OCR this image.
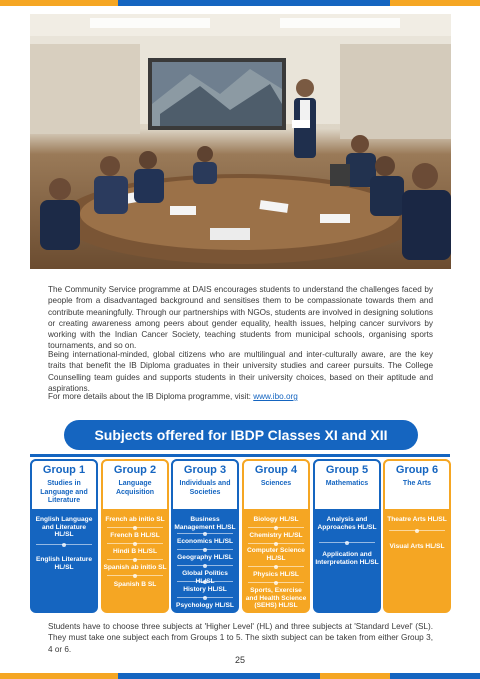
The Community Service programme at DAIS encourages students to understand the challenges faced by people from a disadvantaged background and sensitises them to be compassionate towards them and contribute meaningfully. Through our partnerships with NGOs, students are involved in designing solutions or creating awareness among peers about gender equality, health issues, helping cancer survivors by working with the Indian Cancer Society, teaching students from municipal schools, organising sports tournaments, and so on.

Being international-minded, global citizens who are multilingual and inter-culturally aware, are the key traits that benefit the IB Diploma graduates in their university studies and career pursuits. The College Counselling team guides and supports students in their university choices, based on their aptitude and aspirations.

For more details about the IB Diploma programme, visit: www.ibo.org

Subjects offered for IBDP Classes XI and XII
Group 1
Studies in Language and Literature
English Language and Literature HL/SL
English Literature HL/SL
Group 2
Language Acquisition
French ab initio SL
French B HL/SL
Hindi B HL/SL
Spanish ab initio SL
Spanish B SL
Group 3
Individuals and Societies
Business Management HL/SL
Economics HL/SL
Geography HL/SL
Global Politics
History HL/SL
Psychology HL/SL
Group 4
Sciences
Biology HL/SL
Chemistry HL/SL
Computer Science HL/SL
Physics HL/SL
Sports, Exercise and Health Science (SEHS) HL/SL
Group 5
Mathematics
Analysis and Approaches HL/SL
Application and Interpretation HL/SL
Group 6
The Arts
Theatre Arts HL/SL
Visual Arts HL/SL

Students have to choose three subjects at 'Higher Level' (HL) and three subjects at 'Standard Level' (SL). They must take one subject each from Groups 1 to 5. The sixth subject can be taken from either Group 3, 4 or 6.

25
